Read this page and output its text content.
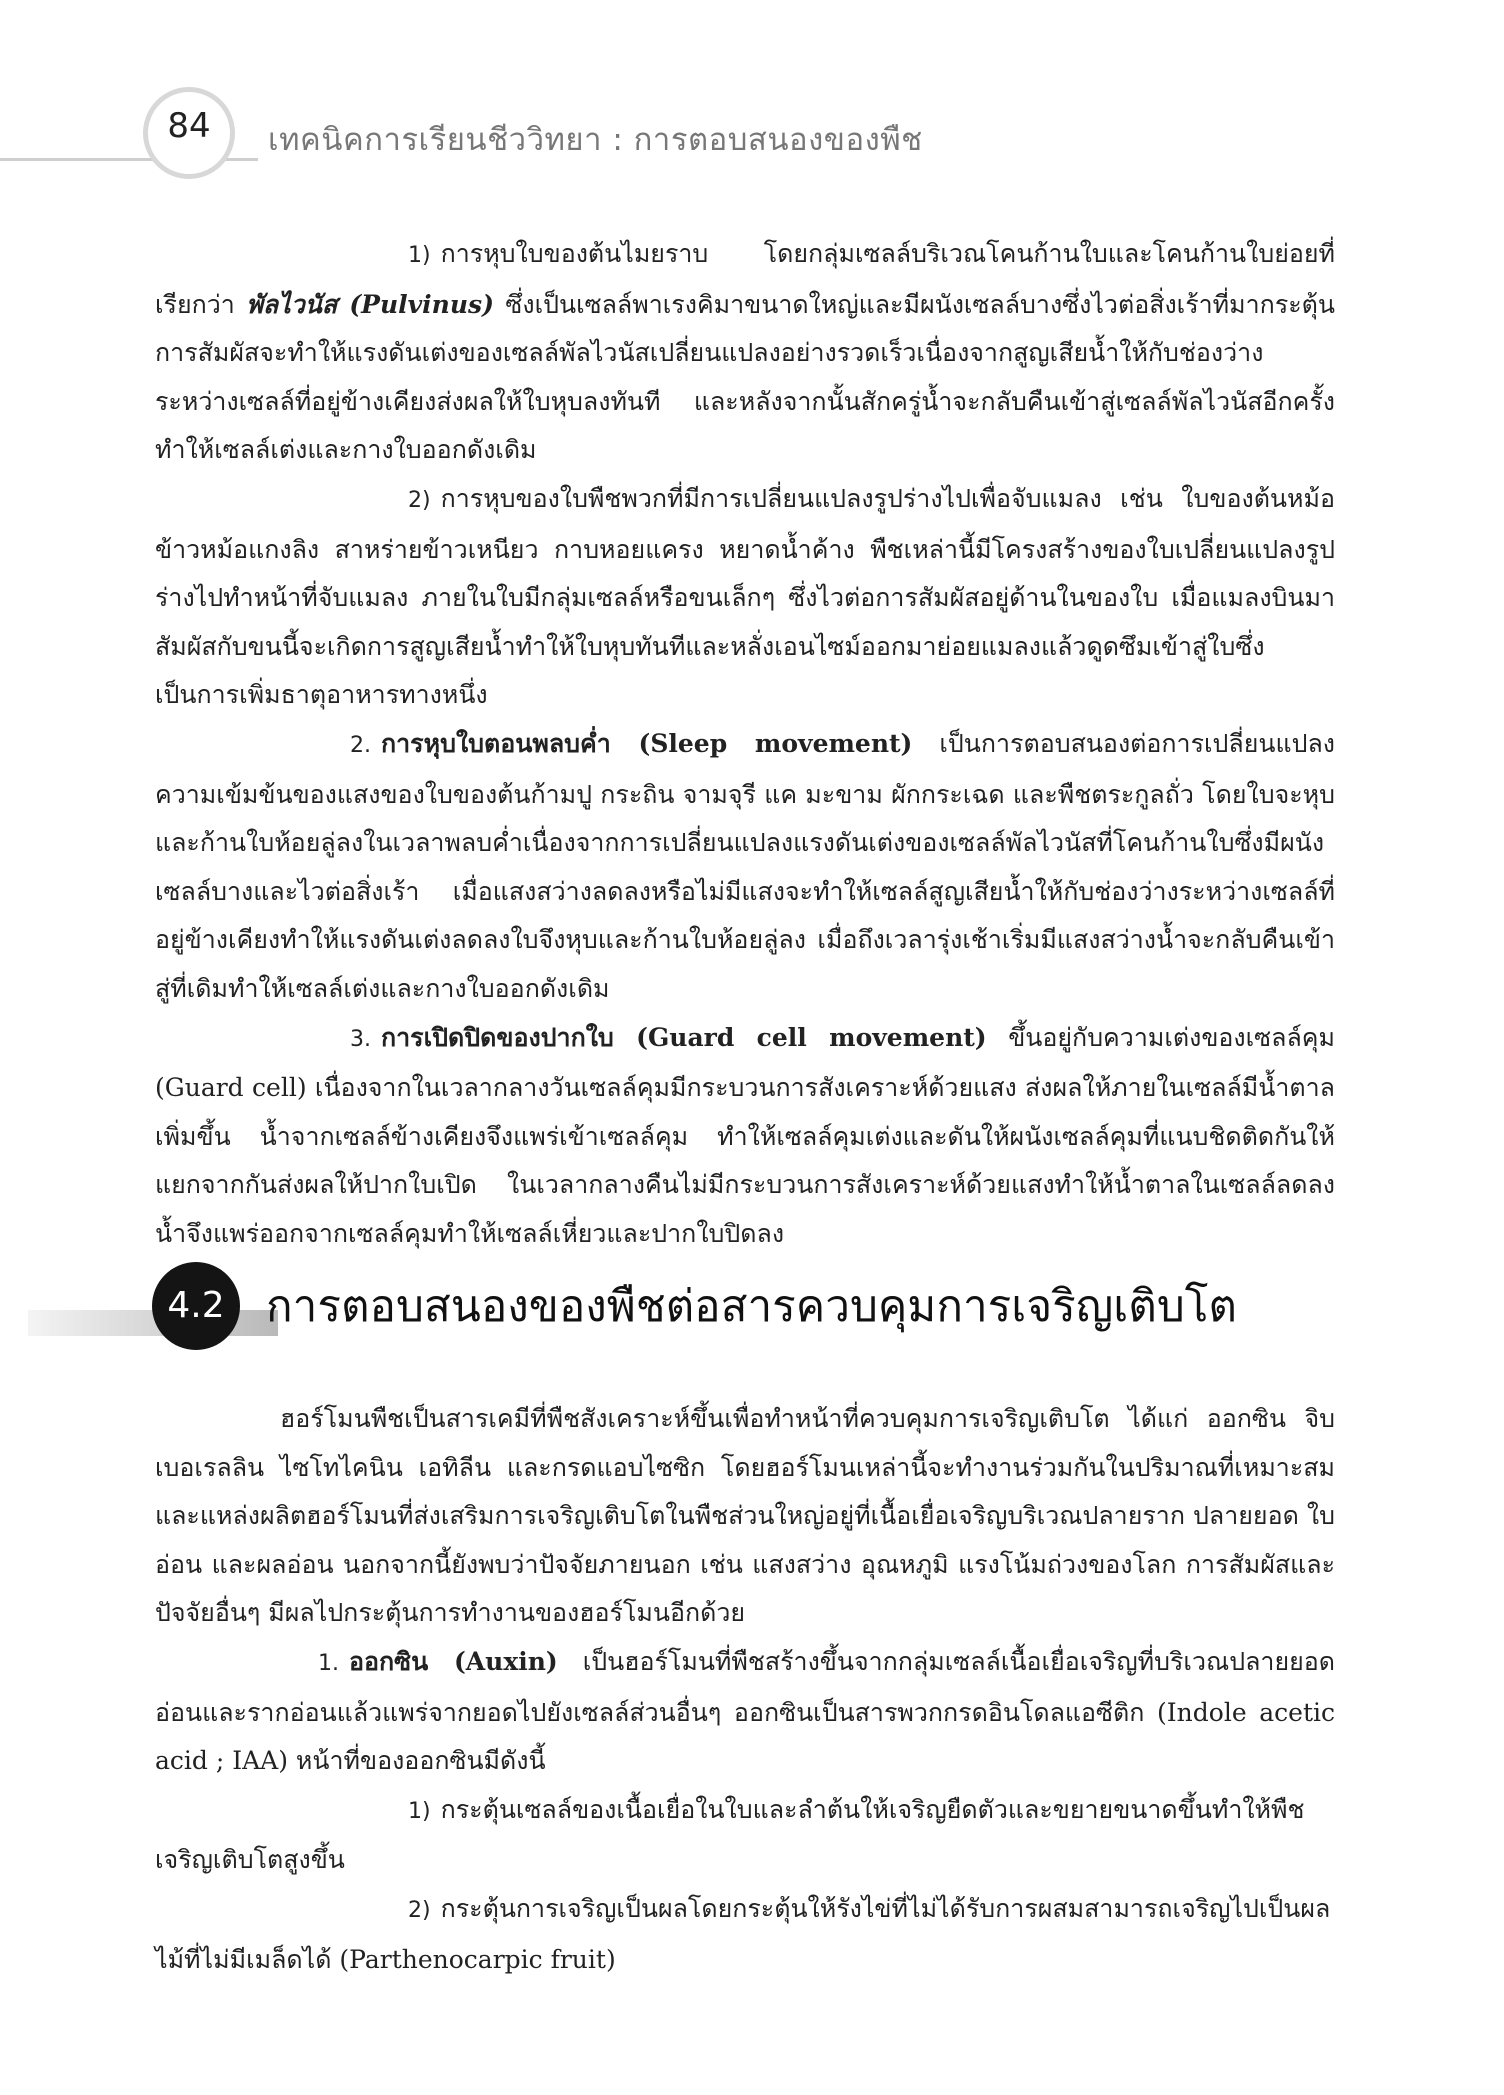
84	เทคนิคการเรียนชีววิทยา : การตอบสนองของพืช

1) การหุบใบของต้นไมยราบ โดยกลุ่มเซลล์บริเวณโคนก้านใบและโคนก้านใบย่อยที่เรียกว่า พัลไวนัส (Pulvinus) ซึ่งเป็นเซลล์พาเรงคิมาขนาดใหญ่และมีผนังเซลล์บางซึ่งไวต่อสิ่งเร้าที่มากระตุ้น การสัมผัสจะทำให้แรงดันเต่งของเซลล์พัลไวนัสเปลี่ยนแปลงอย่างรวดเร็วเนื่องจากสูญเสียน้ำให้กับช่องว่างระหว่างเซลล์ที่อยู่ข้างเคียงส่งผลให้ใบหุบลงทันที และหลังจากนั้นสักครู่น้ำจะกลับคืนเข้าสู่เซลล์พัลไวนัสอีกครั้งทำให้เซลล์เต่งและกางใบออกดังเดิม

2) การหุบของใบพืชพวกที่มีการเปลี่ยนแปลงรูปร่างไปเพื่อจับแมลง เช่น ใบของต้นหม้อข้าวหม้อแกงลิง สาหร่ายข้าวเหนียว กาบหอยแครง หยาดน้ำค้าง พืชเหล่านี้มีโครงสร้างของใบเปลี่ยนแปลงรูปร่างไปทำหน้าที่จับแมลง ภายในใบมีกลุ่มเซลล์หรือขนเล็กๆ ซึ่งไวต่อการสัมผัสอยู่ด้านในของใบ เมื่อแมลงบินมาสัมผัสกับขนนี้จะเกิดการสูญเสียน้ำทำให้ใบหุบทันทีและหลั่งเอนไซม์ออกมาย่อยแมลงแล้วดูดซึมเข้าสู่ใบซึ่งเป็นการเพิ่มธาตุอาหารทางหนึ่ง

2. การหุบใบตอนพลบค่ำ (Sleep movement) เป็นการตอบสนองต่อการเปลี่ยนแปลงความเข้มข้นของแสงของใบของต้นก้ามปู กระถิน จามจุรี แค มะขาม ผักกระเฉด และพืชตระกูลถั่ว โดยใบจะหุบและก้านใบห้อยลู่ลงในเวลาพลบค่ำเนื่องจากการเปลี่ยนแปลงแรงดันเต่งของเซลล์พัลไวนัสที่โคนก้านใบซึ่งมีผนังเซลล์บางและไวต่อสิ่งเร้า เมื่อแสงสว่างลดลงหรือไม่มีแสงจะทำให้เซลล์สูญเสียน้ำให้กับช่องว่างระหว่างเซลล์ที่อยู่ข้างเคียงทำให้แรงดันเต่งลดลงใบจึงหุบและก้านใบห้อยลู่ลง เมื่อถึงเวลารุ่งเช้าเริ่มมีแสงสว่างน้ำจะกลับคืนเข้าสู่ที่เดิมทำให้เซลล์เต่งและกางใบออกดังเดิม

3. การเปิดปิดของปากใบ (Guard cell movement) ขึ้นอยู่กับความเต่งของเซลล์คุม (Guard cell) เนื่องจากในเวลากลางวันเซลล์คุมมีกระบวนการสังเคราะห์ด้วยแสง ส่งผลให้ภายในเซลล์มีน้ำตาลเพิ่มขึ้น น้ำจากเซลล์ข้างเคียงจึงแพร่เข้าเซลล์คุม ทำให้เซลล์คุมเต่งและดันให้ผนังเซลล์คุมที่แนบชิดติดกันให้แยกจากกันส่งผลให้ปากใบเปิด ในเวลากลางคืนไม่มีกระบวนการสังเคราะห์ด้วยแสงทำให้น้ำตาลในเซลล์ลดลง น้ำจึงแพร่ออกจากเซลล์คุมทำให้เซลล์เหี่ยวและปากใบปิดลง

4.2 การตอบสนองของพืชต่อสารควบคุมการเจริญเติบโต

ฮอร์โมนพืชเป็นสารเคมีที่พืชสังเคราะห์ขึ้นเพื่อทำหน้าที่ควบคุมการเจริญเติบโต ได้แก่ ออกซิน จิบเบอเรลลิน ไซโทไคนิน เอทิลีน และกรดแอบไซซิก โดยฮอร์โมนเหล่านี้จะทำงานร่วมกันในปริมาณที่เหมาะสม และแหล่งผลิตฮอร์โมนที่ส่งเสริมการเจริญเติบโตในพืชส่วนใหญ่อยู่ที่เนื้อเยื่อเจริญบริเวณปลายราก ปลายยอด ใบอ่อน และผลอ่อน นอกจากนี้ยังพบว่าปัจจัยภายนอก เช่น แสงสว่าง อุณหภูมิ แรงโน้มถ่วงของโลก การสัมผัสและปัจจัยอื่นๆ มีผลไปกระตุ้นการทำงานของฮอร์โมนอีกด้วย

1. ออกซิน (Auxin) เป็นฮอร์โมนที่พืชสร้างขึ้นจากกลุ่มเซลล์เนื้อเยื่อเจริญที่บริเวณปลายยอดอ่อนและรากอ่อนแล้วแพร่จากยอดไปยังเซลล์ส่วนอื่นๆ ออกซินเป็นสารพวกกรดอินโดลแอซีติก (Indole acetic acid ; IAA) หน้าที่ของออกซินมีดังนี้

1) กระตุ้นเซลล์ของเนื้อเยื่อในใบและลำต้นให้เจริญยืดตัวและขยายขนาดขึ้นทำให้พืชเจริญเติบโตสูงขึ้น

2) กระตุ้นการเจริญเป็นผลโดยกระตุ้นให้รังไข่ที่ไม่ได้รับการผสมสามารถเจริญไปเป็นผลไม้ที่ไม่มีเมล็ดได้ (Parthenocarpic fruit)
